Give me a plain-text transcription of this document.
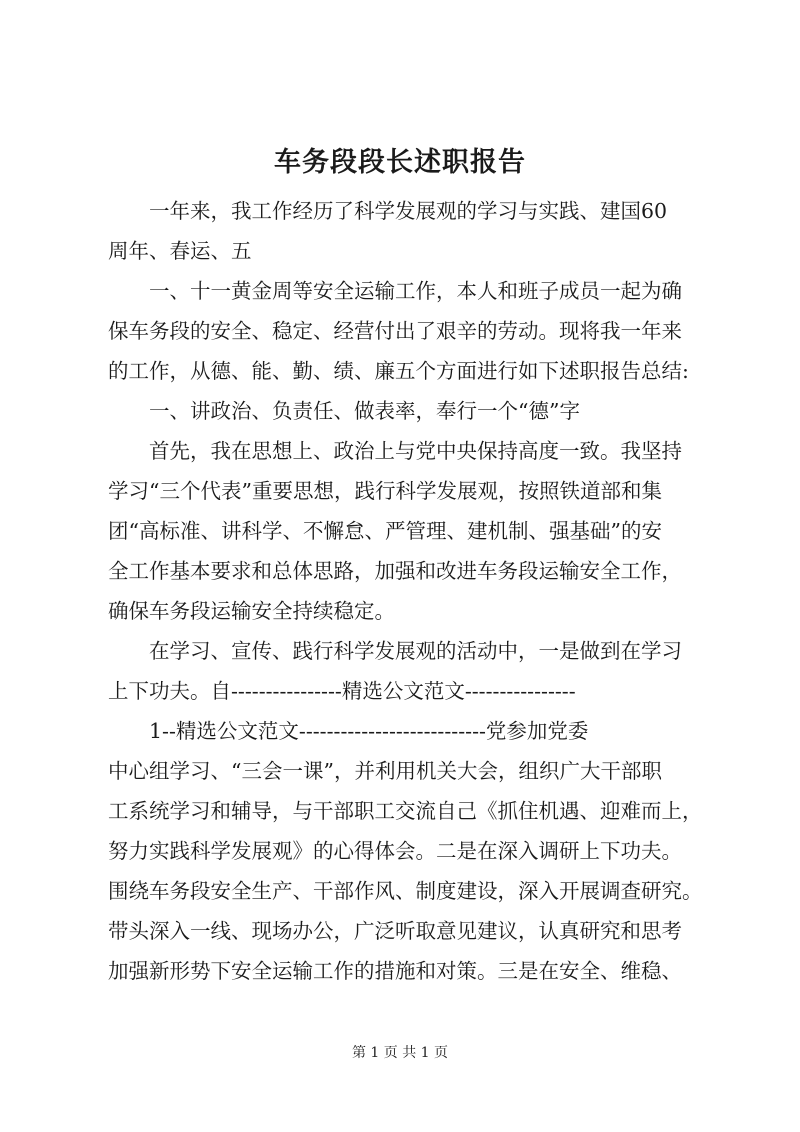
车务段段长述职报告
　　一年来，我工作经历了科学发展观的学习与实践、建国60
周年、春运、五
　　一、十一黄金周等安全运输工作，本人和班子成员一起为确
保车务段的安全、稳定、经营付出了艰辛的劳动。现将我一年来
的工作，从德、能、勤、绩、廉五个方面进行如下述职报告总结:
　　一、讲政治、负责任、做表率，奉行一个“德”字
　　首先，我在思想上、政治上与党中央保持高度一致。我坚持
学习“三个代表”重要思想，践行科学发展观，按照铁道部和集
团“高标准、讲科学、不懈怠、严管理、建机制、强基础”的安
全工作基本要求和总体思路，加强和改进车务段运输安全工作，
确保车务段运输安全持续稳定。
　　在学习、宣传、践行科学发展观的活动中，一是做到在学习
上下功夫。自----------------精选公文范文----------------
　　1--精选公文范文---------------------------党参加党委
中心组学习、“三会一课”，并利用机关大会，组织广大干部职
工系统学习和辅导，与干部职工交流自己《抓住机遇、迎难而上，
努力实践科学发展观》的心得体会。二是在深入调研上下功夫。
围绕车务段安全生产、干部作风、制度建设，深入开展调查研究。
带头深入一线、现场办公，广泛听取意见建议，认真研究和思考
加强新形势下安全运输工作的措施和对策。三是在安全、维稳、
第 1 页 共 1 页
